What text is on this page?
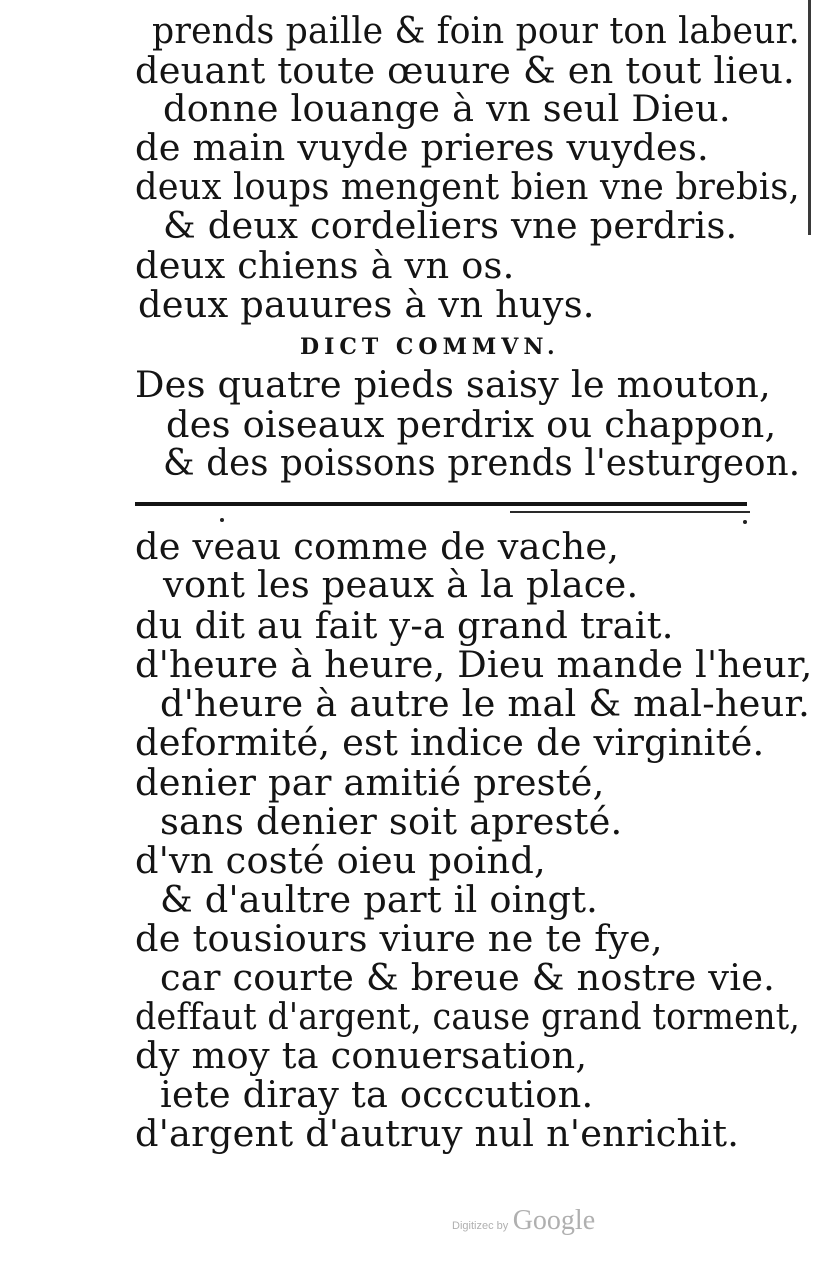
prends paille & foin pour ton labeur.
deuant toute œuure & en tout lieu.
donne louange à vn seul Dieu.
de main vuyde prieres vuydes.
deux loups mengent bien vne brebis,
& deux cordeliers vne perdris.
deux chiens à vn os.
deux pauures à vn huys.
DICT COMMVN.
Des quatre pieds saisy le mouton,
des oiseaux perdrix ou chappon,
& des poissons prends l'esturgeon.
de veau comme de vache,
vont les peaux à la place.
du dit au fait y-a grand trait.
d'heure à heure, Dieu mande l'heur,
d'heure à autre le mal & mal-heur.
deformité, est indice de virginité.
denier par amitié presté,
sans denier soit apresté.
d'vn costé oieu poind,
& d'aultre part il oingt.
de tousiours viure ne te fye,
car courte & breue & nostre vie.
deffaut d'argent, cause grand torment,
dy moy ta conuersation,
iete diray ta occcution.
d'argent d'autruy nul n'enrichit.
Digitizec by Google
